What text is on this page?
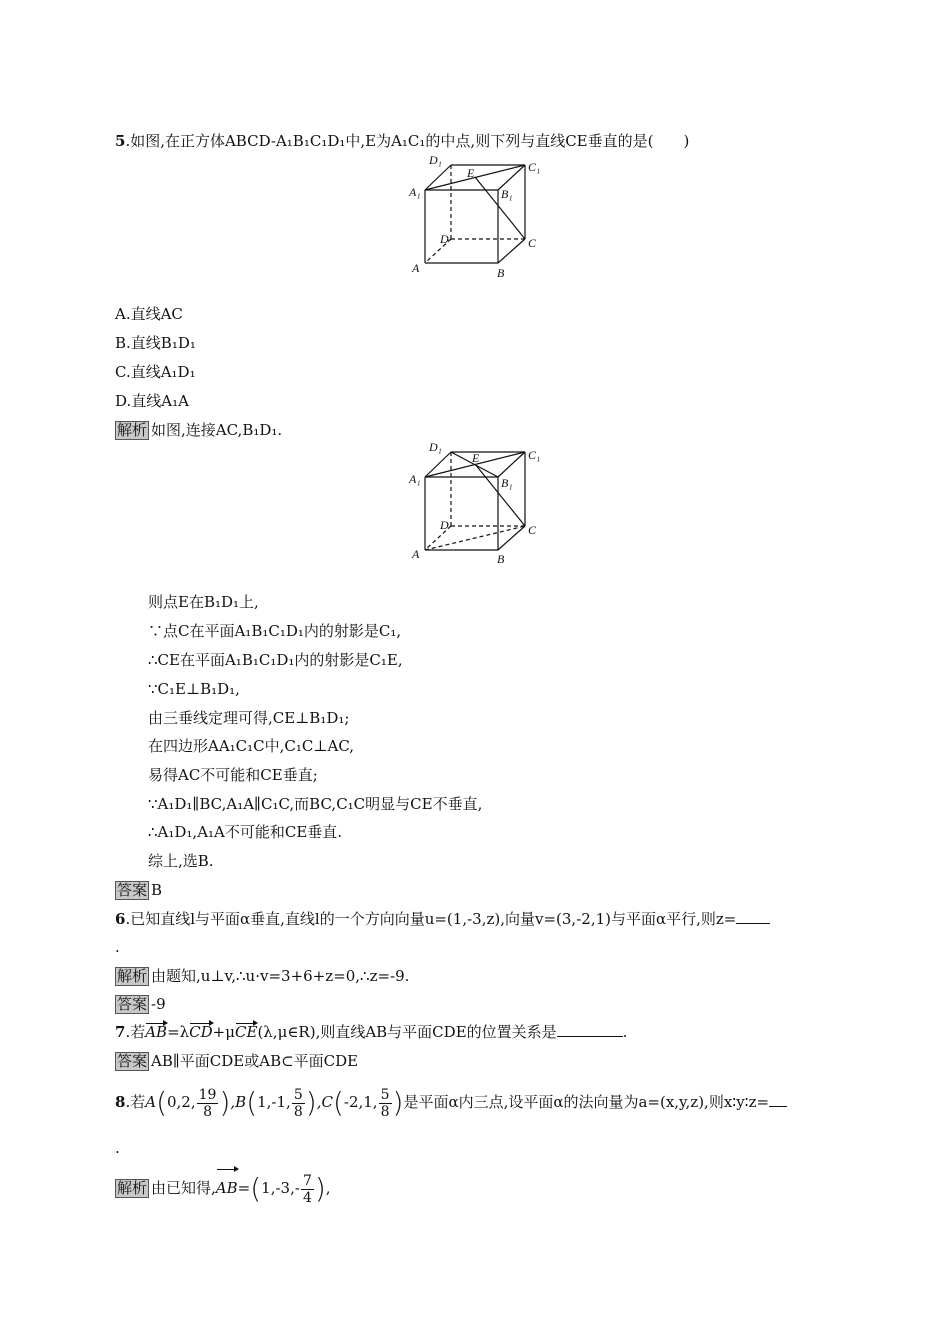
5.如图,在正方体ABCD-A₁B₁C₁D₁中,E为A₁C₁的中点,则下列与直线CE垂直的是(　　)
D₁	C₁
A₁	B₁
E
D	C
A	B
A.直线AC
B.直线B₁D₁
C.直线A₁D₁
D.直线A₁A
解析 如图,连接AC,B₁D₁.
D₁
C₁
A₁	B₁
E
D	C
A	B
则点E在B₁D₁上,
∵点C在平面A₁B₁C₁D₁内的射影是C₁,
∴CE在平面A₁B₁C₁D₁内的射影是C₁E,
∵C₁E⊥B₁D₁,
由三垂线定理可得,CE⊥B₁D₁;
在四边形AA₁C₁C中,C₁C⊥AC,
易得AC不可能和CE垂直;
∵A₁D₁∥BC,A₁A∥C₁C,而BC,C₁C明显与CE不垂直,
∴A₁D₁,A₁A不可能和CE垂直.
综上,选B.
答案 B
6.已知直线l与平面α垂直,直线l的一个方向向量u=(1,-3,z),向量v=(3,-2,1)与平面α平行,则z=
.
解析 由题知,u⊥v,∴u·v=3+6+z=0,∴z=-9.
答案 -9
7.若AB=λCD+μCE(λ,μ∈R),则直线AB与平面CDE的位置关系是	.
答案 AB∥平面CDE或AB⊂平面CDE
8.若A(0,2, $\frac{19}{8} ),B(1,-1$, $\frac{5}{8} ),C(-2,1$, $\frac{5}{8}$ )是平面α内三点,设平面α的法向量为a=(x,y,z),则x∶y∶z=
.
解析 由已知得$,AB=(1,-3,- \frac{7}{4}$ ),
